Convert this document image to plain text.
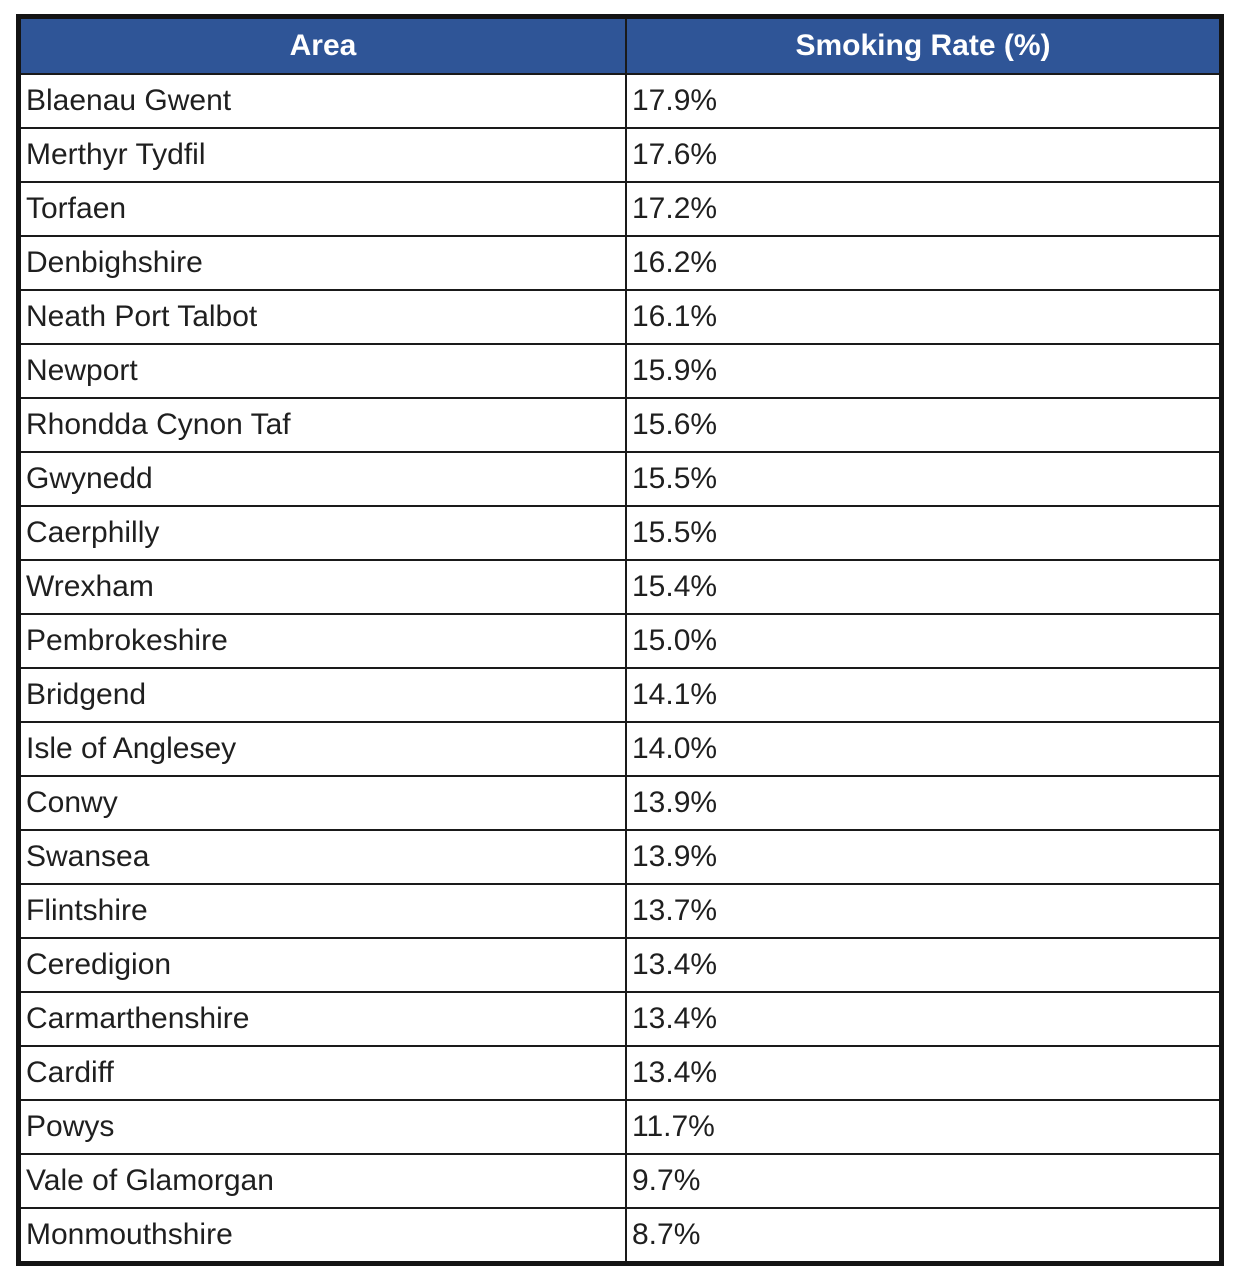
Area	Smoking Rate (%)
Blaenau Gwent	17.9%
Merthyr Tydfil	17.6%
Torfaen	17.2%
Denbighshire	16.2%
Neath Port Talbot	16.1%
Newport	15.9%
Rhondda Cynon Taf	15.6%
Gwynedd	15.5%
Caerphilly	15.5%
Wrexham	15.4%
Pembrokeshire	15.0%
Bridgend	14.1%
Isle of Anglesey	14.0%
Conwy	13.9%
Swansea	13.9%
Flintshire	13.7%
Ceredigion	13.4%
Carmarthenshire	13.4%
Cardiff	13.4%
Powys	11.7%
Vale of Glamorgan	9.7%
Monmouthshire	8.7%
